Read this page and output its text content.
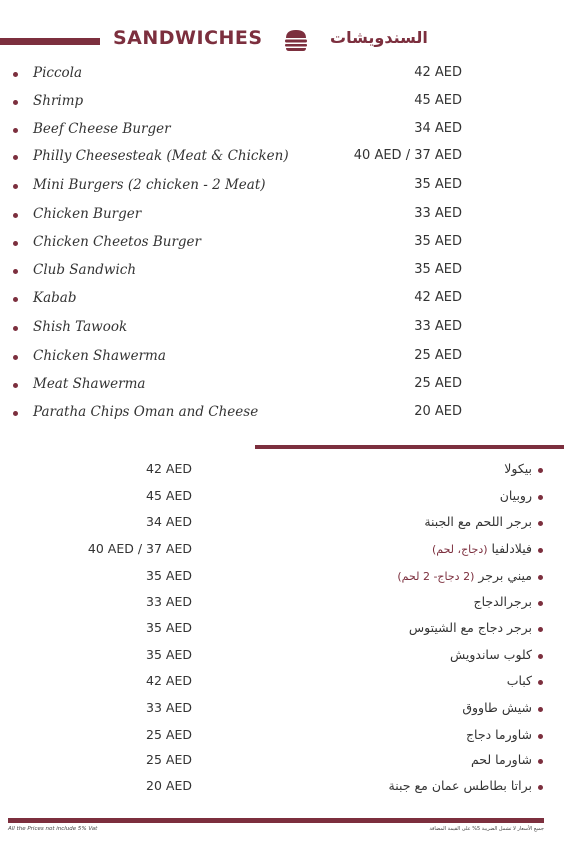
SANDWICHES	السندويشات
Piccola	42 AED
Shrimp	45 AED
Beef Cheese Burger	34 AED
Philly Cheesesteak (Meat & Chicken)	40 AED / 37 AED
Mini Burgers (2 chicken - 2 Meat)	35 AED
Chicken Burger	33 AED
Chicken Cheetos Burger	35 AED
Club Sandwich	35 AED
Kabab	42 AED
Shish Tawook	33 AED
Chicken Shawerma	25 AED
Meat Shawerma	25 AED
Paratha Chips Oman and Cheese	20 AED
42 AED	بيكولا
45 AED	روبيان
34 AED	برجر اللحم مع الجبنة
40 AED / 37 AED	فيلادلفيا (دجاج، لحم)
35 AED	ميني برجر (2 دجاج- 2 لحم)
33 AED	برجرالدجاج
35 AED	برجر دجاج مع الشيتوس
35 AED	كلوب ساندويش
42 AED	كباب
33 AED	شيش طاووق
25 AED	شاورما دجاج
25 AED	شاورما لحم
20 AED	براتا بطاطس عمان مع جبنة
All the Prices not include 5% Vat	جميع الأسعار لا تشمل الضريبة 5% على القيمة المضافة
